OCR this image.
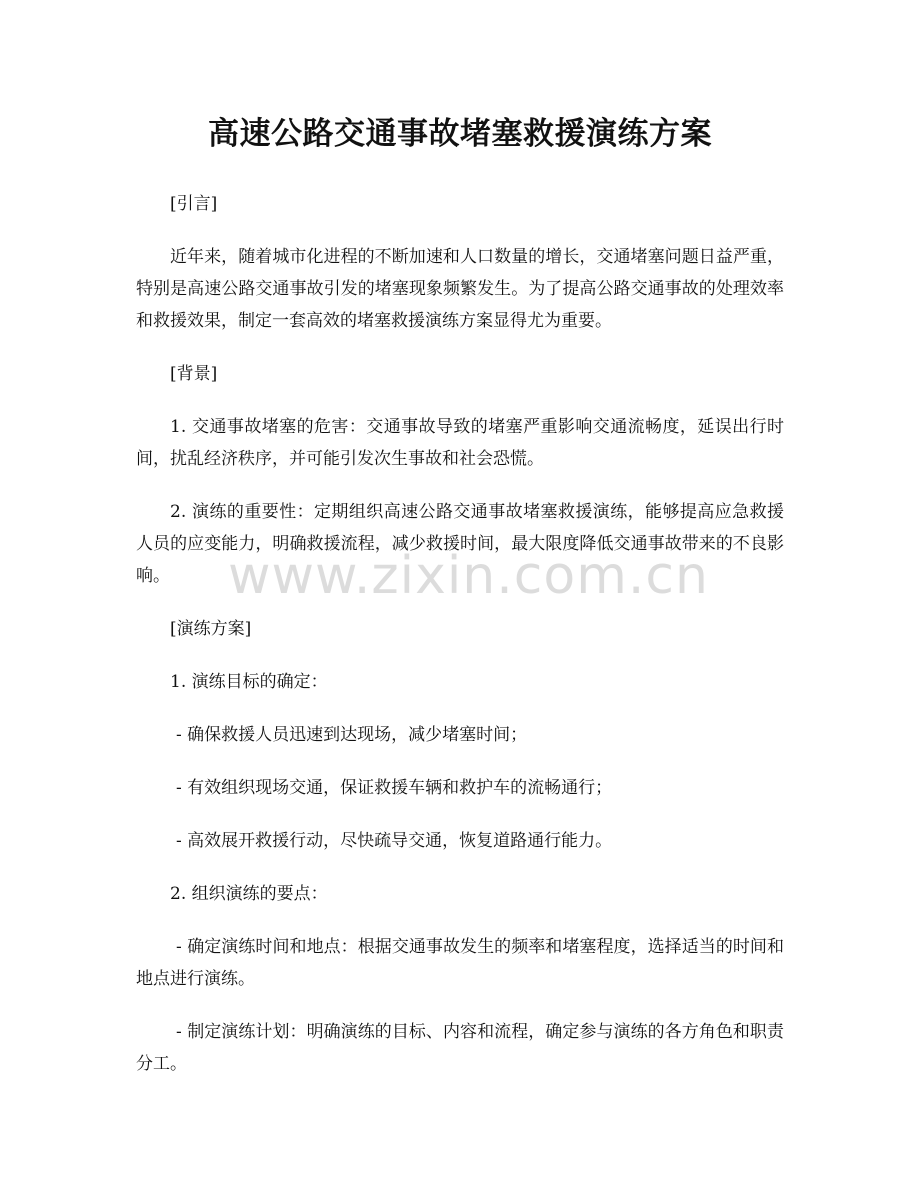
高速公路交通事故堵塞救援演练方案

[引言]

近年来，随着城市化进程的不断加速和人口数量的增长，交通堵塞问题日益严重，特别是高速公路交通事故引发的堵塞现象频繁发生。为了提高公路交通事故的处理效率和救援效果，制定一套高效的堵塞救援演练方案显得尤为重要。

[背景]

1. 交通事故堵塞的危害：交通事故导致的堵塞严重影响交通流畅度，延误出行时间，扰乱经济秩序，并可能引发次生事故和社会恐慌。

2. 演练的重要性：定期组织高速公路交通事故堵塞救援演练，能够提高应急救援人员的应变能力，明确救援流程，减少救援时间，最大限度降低交通事故带来的不良影响。

[演练方案]

1. 演练目标的确定：

- 确保救援人员迅速到达现场，减少堵塞时间；

- 有效组织现场交通，保证救援车辆和救护车的流畅通行；

- 高效展开救援行动，尽快疏导交通，恢复道路通行能力。

2. 组织演练的要点：

- 确定演练时间和地点：根据交通事故发生的频率和堵塞程度，选择适当的时间和地点进行演练。

- 制定演练计划：明确演练的目标、内容和流程，确定参与演练的各方角色和职责分工。

www.zixin.com.cn
